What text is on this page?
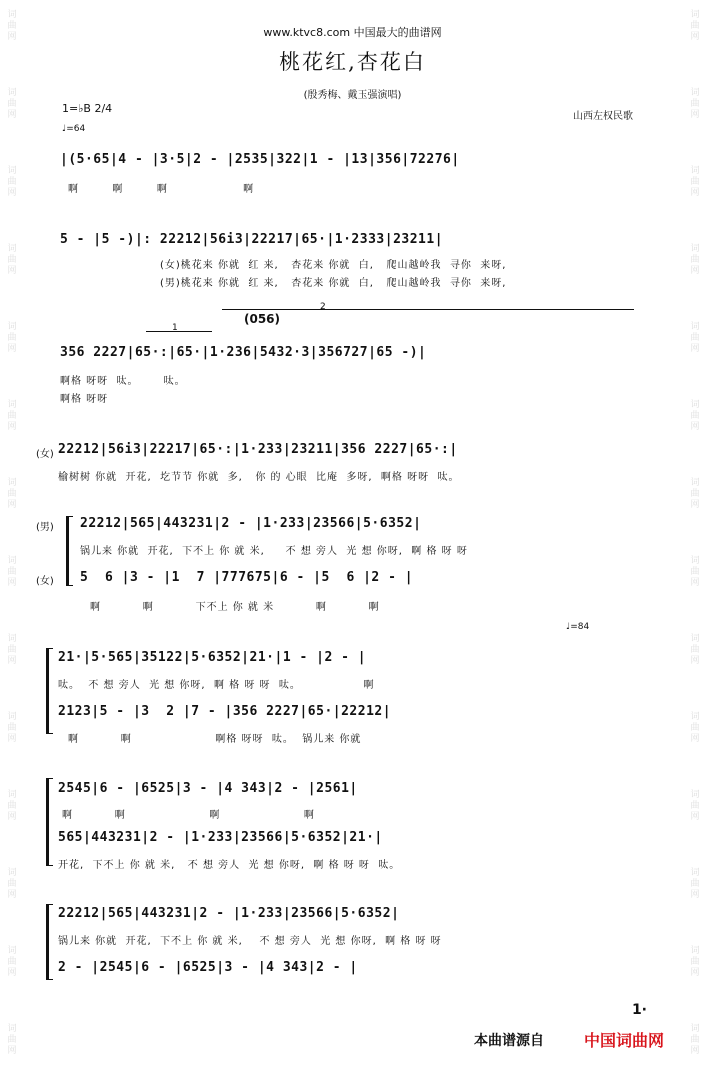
词
曲
网
词
曲
网
词
曲
网
词
曲
网
词
曲
网
词
曲
网
词
曲
网
词
曲
网
词
曲
网
词
曲
网
词
曲
网
词
曲
网
词
曲
网
词
曲
网
词
曲
网
词
曲
网
词
曲
网
词
曲
网
词
曲
网
词
曲
网
词
曲
网
词
曲
网
词
曲
网
词
曲
网
词
曲
网
词
曲
网
词
曲
网
词
曲
网
www.ktvc8.com 中国最大的曲谱网
桃花红,杏花白
(殷秀梅、戴玉强演唱)
1=♭B 2/4
♩=64
山西左权民歌
|(5·65|4 - |3·5|2 - |2535|322|1 - |13|356|72276|
啊        啊        啊                  啊
5 - |5 -)|: 22212|56i3|22217|65·|1·2333|23211|
(女)桃花来 你就  红 来,   杏花来 你就  白,   爬山越岭我  寻你  来呀,
(男)桃花来 你就  红 来,   杏花来 你就  白,   爬山越岭我  寻你  来呀,
(056)
2
1
356 2227|65·:|65·|1·236|5432·3|356727|65 -)|
啊格 呀呀  呔。      呔。
啊格 呀呀
(女) 22212|56i3|22217|65·:|1·233|23211|356 2227|65·:|
榆树树 你就  开花,  圪节节 你就  多,   你 的 心眼  比庵  多呀,  啊格 呀呀  呔。
(男) 22212|565|443231|2 - |1·233|23566|5·6352|
锅儿来 你就  开花,  下不上 你 就 米,     不 想 旁人  光 想 你呀,  啊 格 呀 呀
(女) 5  6 |3 - |1  7 |777675|6 - |5  6 |2 - |
啊          啊          下不上 你 就 米          啊          啊
♩=84
21·|5·565|35122|5·6352|21·|1 - |2 - |
呔。  不 想 旁人  光 想 你呀,  啊 格 呀 呀  呔。               啊
2123|5 - |3  2 |7 - |356 2227|65·|22212|
啊          啊                    啊格 呀呀  呔。  锅儿来 你就
2545|6 - |6525|3 - |4 343|2 - |2561|
啊          啊                    啊                    啊
565|443231|2 - |1·233|23566|5·6352|21·|
开花,  下不上 你 就 米,   不 想 旁人  光 想 你呀,  啊 格 呀 呀  呔。
22212|565|443231|2 - |1·233|23566|5·6352|
锅儿来 你就  开花,  下不上 你 就 米,    不 想 旁人  光 想 你呀,  啊 格 呀 呀
2 - |2545|6 - |6525|3 - |4 343|2 - |
1·
本曲谱源自	中国词曲网
